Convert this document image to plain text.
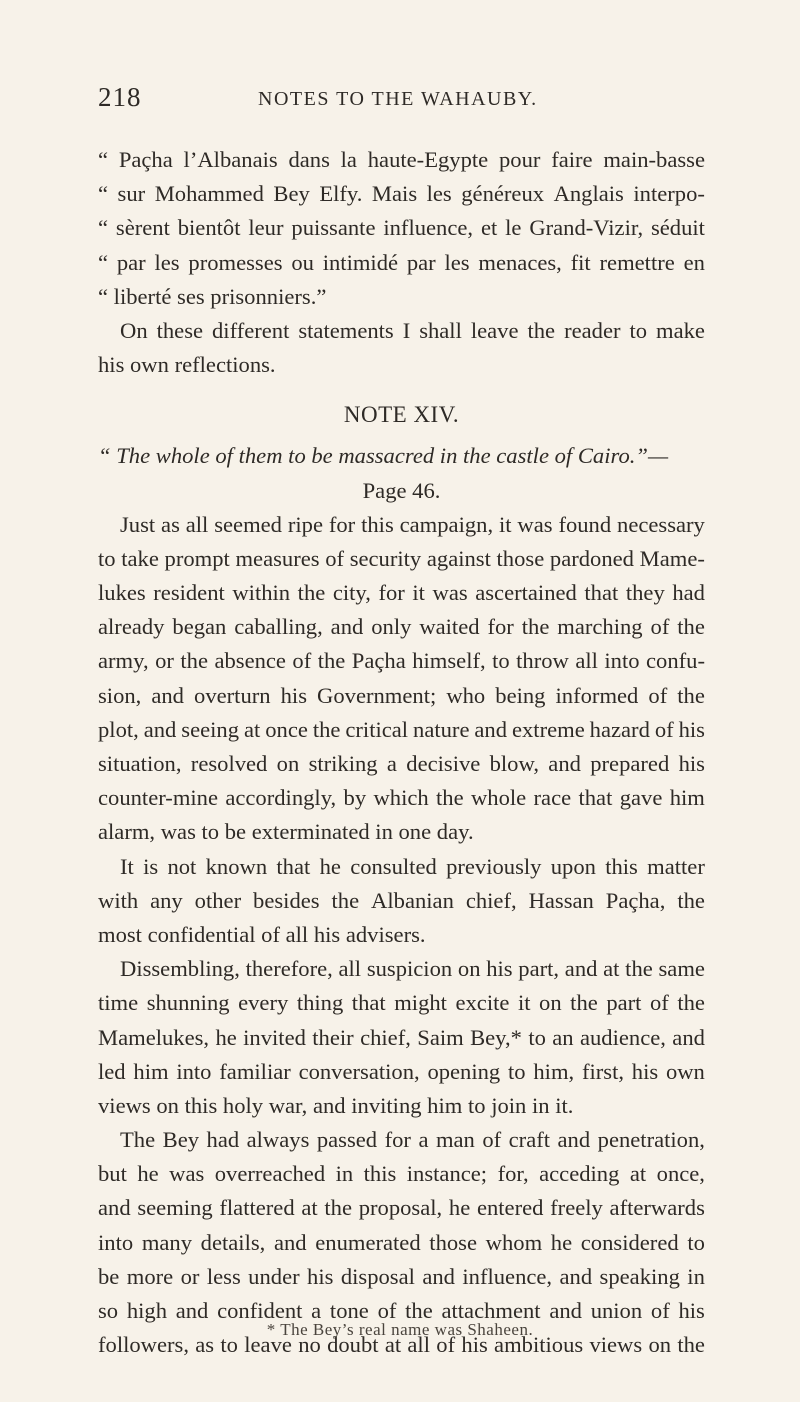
218	NOTES TO THE WAHAUBY.
“ Paçha l’Albanais dans la haute-Egypte pour faire main-basse
“ sur Mohammed Bey Elfy. Mais les généreux Anglais interpo-
“ sèrent bientôt leur puissante influence, et le Grand-Vizir, séduit
“ par les promesses ou intimidé par les menaces, fit remettre en
“ liberté ses prisonniers.”
On these different statements I shall leave the reader to make
his own reflections.
NOTE XIV.
“ The whole of them to be massacred in the castle of Cairo.”—
Page 46.
Just as all seemed ripe for this campaign, it was found necessary
to take prompt measures of security against those pardoned Mame-
lukes resident within the city, for it was ascertained that they had
already began caballing, and only waited for the marching of the
army, or the absence of the Paçha himself, to throw all into confu-
sion, and overturn his Government; who being informed of the
plot, and seeing at once the critical nature and extreme hazard of his
situation, resolved on striking a decisive blow, and prepared his
counter-mine accordingly, by which the whole race that gave him
alarm, was to be exterminated in one day.
It is not known that he consulted previously upon this matter
with any other besides the Albanian chief, Hassan Paçha, the
most confidential of all his advisers.
Dissembling, therefore, all suspicion on his part, and at the same
time shunning every thing that might excite it on the part of the
Mamelukes, he invited their chief, Saim Bey,* to an audience, and
led him into familiar conversation, opening to him, first, his own
views on this holy war, and inviting him to join in it.
The Bey had always passed for a man of craft and penetration,
but he was overreached in this instance; for, acceding at once,
and seeming flattered at the proposal, he entered freely afterwards
into many details, and enumerated those whom he considered to
be more or less under his disposal and influence, and speaking in
so high and confident a tone of the attachment and union of his
followers, as to leave no doubt at all of his ambitious views on the
* The Bey’s real name was Shaheen.
